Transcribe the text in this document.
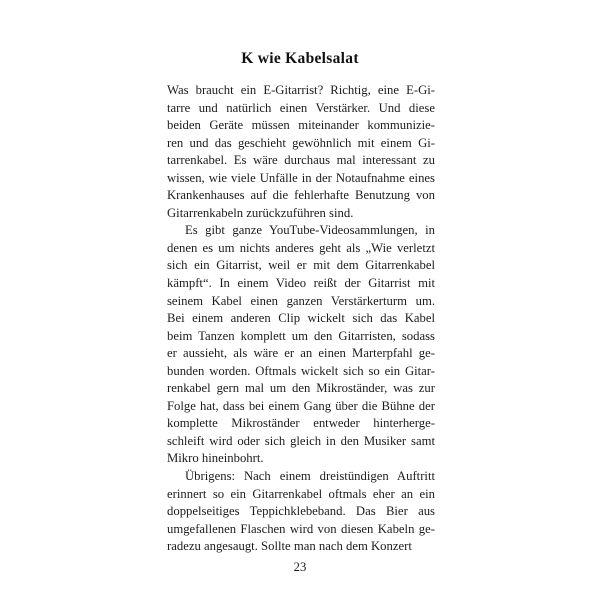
K wie Kabelsalat

Was braucht ein E-Gitarrist? Richtig, eine E-Gi-
tarre und natürlich einen Verstärker. Und diese
beiden Geräte müssen miteinander kommunizie-
ren und das geschieht gewöhnlich mit einem Gi-
tarrenkabel. Es wäre durchaus mal interessant zu
wissen, wie viele Unfälle in der Notaufnahme eines
Krankenhauses auf die fehlerhafte Benutzung von
Gitarrenkabeln zurückzuführen sind.

Es gibt ganze YouTube-Videosammlungen, in
denen es um nichts anderes geht als „Wie verletzt
sich ein Gitarrist, weil er mit dem Gitarrenkabel
kämpft“. In einem Video reißt der Gitarrist mit
seinem Kabel einen ganzen Verstärkerturm um.
Bei einem anderen Clip wickelt sich das Kabel
beim Tanzen komplett um den Gitarristen, sodass
er aussieht, als wäre er an einen Marterpfahl ge-
bunden worden. Oftmals wickelt sich so ein Gitar-
renkabel gern mal um den Mikroständer, was zur
Folge hat, dass bei einem Gang über die Bühne der
komplette Mikroständer entweder hinterherge-
schleift wird oder sich gleich in den Musiker samt
Mikro hineinbohrt.

Übrigens: Nach einem dreistündigen Auftritt
erinnert so ein Gitarrenkabel oftmals eher an ein
doppelseitiges Teppichklebeband. Das Bier aus
umgefallenen Flaschen wird von diesen Kabeln ge-
radezu angesaugt. Sollte man nach dem Konzert

23
